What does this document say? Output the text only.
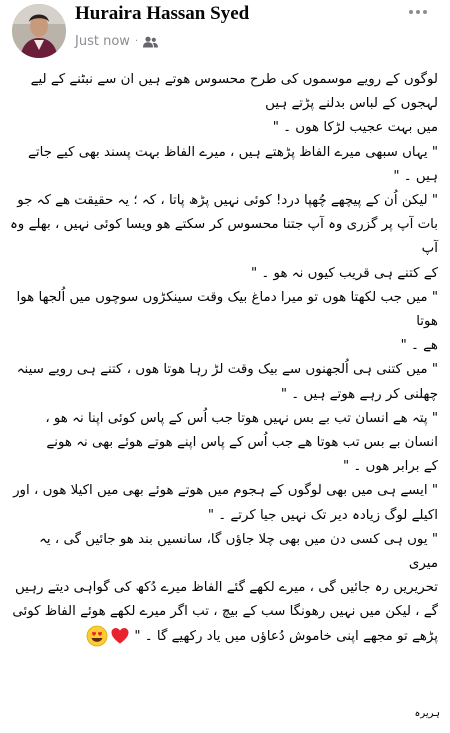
Huraira Hassan Syed
Just now ·

لوگوں کے رویے موسموں کی طرح محسوس ھوتے ہیں ان سے نبٹنے کے لیے

لہجوں کے لباس بدلنے پڑتے ہیں

میں بہت عجیب لڑکا ھوں ۔ "

" یہاں سبھی میرے الفاظ پڑھتے ہیں ، میرے الفاظ بہت پسند بھی کیے جاتے

ہیں ۔ "

" لیکن اُن کے پیچھے چُھپا درد! کوئی نہیں پڑھ پاتا ، کہ ؛ یہ حقیقت ھے کہ جو

بات آپ پر گزری وہ آپ جتنا محسوس کر سکتے ھو ویسا کوئی نہیں ، بھلے وہ آپ

کے کتنے ہی قریب کیوں نہ ھو ۔ "

" میں جب لکھتا ھوں تو میرا دماغ بیک وقت سینکڑوں سوچوں میں اُلجھا ھوا ھوتا

ھے ۔ "

" میں کتنی ہی اُلجھنوں سے بیک وقت لڑ رہا ھوتا ھوں ، کتنے ہی رویے سینہ

چھلنی کر رہے ھوتے ہیں ۔ "

" پتہ ھے انسان تب بے بس نہیں ھوتا جب اُس کے پاس کوئی اپنا نہ ھو ،

انسان بے بس تب ھوتا ھے جب اُس کے پاس اپنے ھوتے ھوئے بھی نہ ھونے

کے برابر ھوں ۔ "

" ایسے ہی میں بھی لوگوں کے ہجوم میں ھوتے ھوئے بھی میں اکیلا ھوں ، اور

اکیلے لوگ زیادہ دیر تک نہیں جیا کرتے ۔ "

" یوں ہی کسی دن میں بھی چلا جاؤں گا، سانسیں بند ھو جائیں گی ، یہ میری

تحریریں رہ جائیں گی ، میرے لکھے گئے الفاظ میرے دُکھ کی گواہی دیتے رہیں

گے ، لیکن میں نہیں رھونگا سب کے بیچ ، تب اگر میرے لکھے ھوئے الفاظ کوئی

پڑھے تو مجھے اپنی خاموش دُعاؤں میں یاد رکھیے گا ۔ "

ہریرہ
